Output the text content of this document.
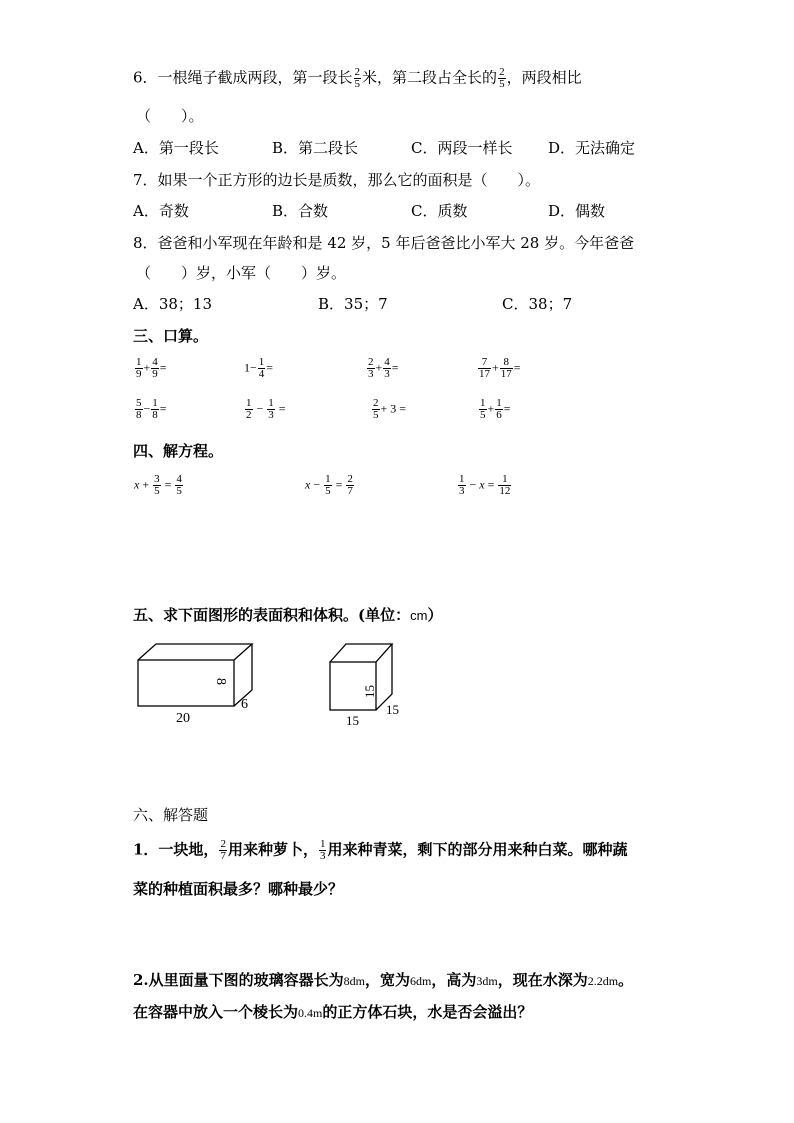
6．一根绳子截成两段，第一段长 $\frac{2}{5}$ 米，第二段占全长的 $\frac{2}{5}$ ，两段相比
（　　）。
A．第一段长	B．第二段长	C．两段一样长 D．无法确定
7．如果一个正方形的边长是质数，那么它的面积是（　　）。
A．奇数	B．合数	C．质数	D．偶数
8．爸爸和小军现在年龄和是 42 岁，5 年后爸爸比小军大 28 岁。今年爸爸
（　　）岁，小军（　　）岁。
A．38；13	B．35；7	C．38；7
三、口算。
$\frac{1}{9} + \frac{4}{9}$ =	$1- \frac{1}{4}$ =	$\frac{2}{3} + \frac{4}{3}$ =	$\frac{7}{17} + \frac{8}{17}$ =
$\frac{5}{8} - \frac{1}{8}$ =	$\frac{1}{2} - \frac{1}{3}$ =	$\frac{2}{5} + 3$ =	$\frac{1}{5} + \frac{1}{6}$ =
四、解方程。
$x + \frac{3}{5} = \frac{4}{5}$	$x - \frac{1}{5} = \frac{2}{7}$	$\frac{1}{3} - x = \frac{1}{12}$
五、求下面图形的表面积和体积。(单位：cm）
20
6
8
15
15
15
六、解答题
1．一块地， $\frac{2}{7}$ 用来种萝卜， $\frac{1}{3}$ 用来种青菜，剩下的部分用来种白菜。哪种蔬
菜的种植面积最多？哪种最少？
2.从里面量下图的玻璃容器长为8dm，宽为6dm，高为3dm，现在水深为2.2dm。
在容器中放入一个棱长为0.4m的正方体石块，水是否会溢出？
